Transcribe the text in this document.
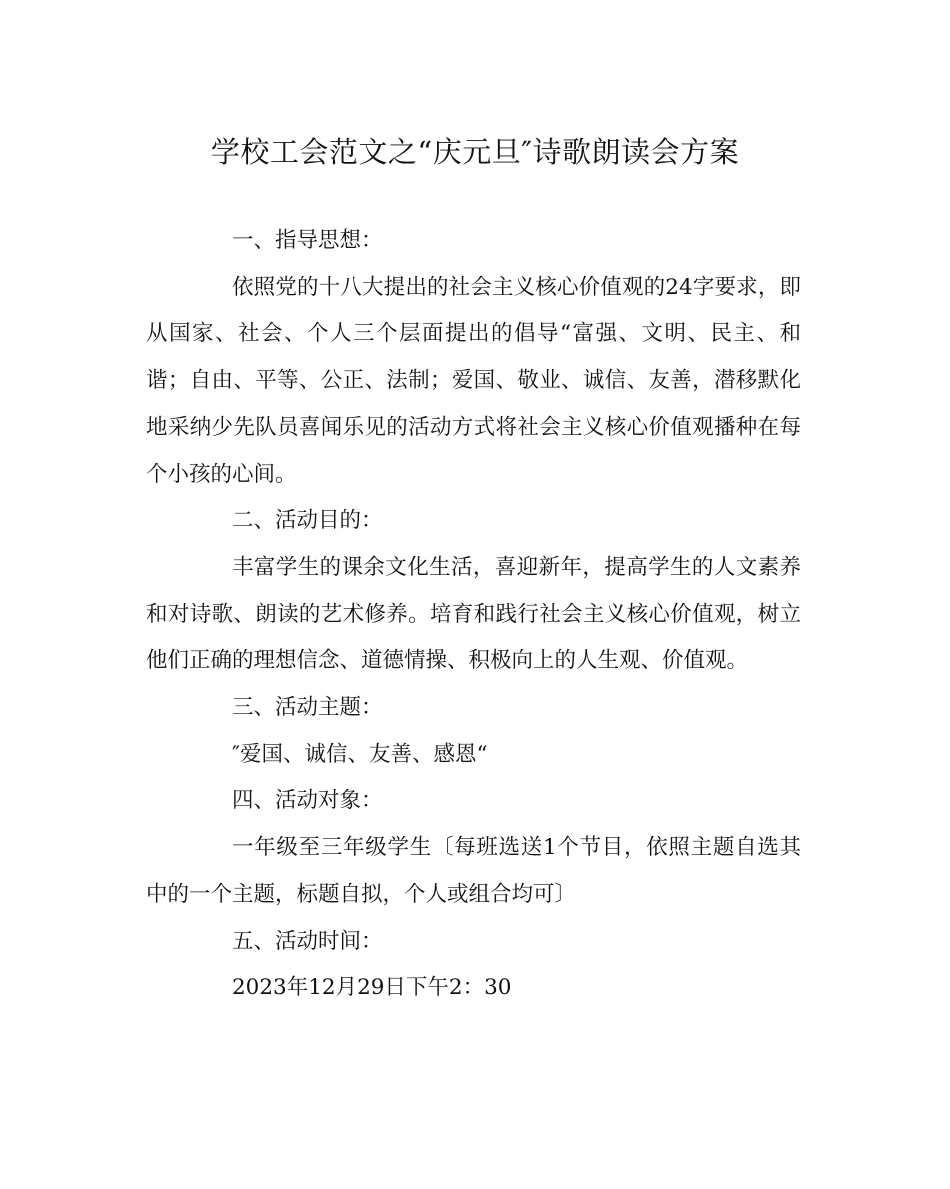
学校工会范文之“庆元旦″诗歌朗读会方案

一、指导思想：

依照党的十八大提出的社会主义核心价值观的24字要求，即从国家、社会、个人三个层面提出的倡导“富强、文明、民主、和谐；自由、平等、公正、法制；爱国、敬业、诚信、友善，潜移默化地采纳少先队员喜闻乐见的活动方式将社会主义核心价值观播种在每个小孩的心间。

二、活动目的：

丰富学生的课余文化生活，喜迎新年，提高学生的人文素养和对诗歌、朗读的艺术修养。培育和践行社会主义核心价值观，树立他们正确的理想信念、道德情操、积极向上的人生观、价值观。

三、活动主题：

″爱国、诚信、友善、感恩“

四、活动对象：

一年级至三年级学生〔每班选送1个节目，依照主题自选其中的一个主题，标题自拟，个人或组合均可〕

五、活动时间：

2023年12月29日下午2：30
